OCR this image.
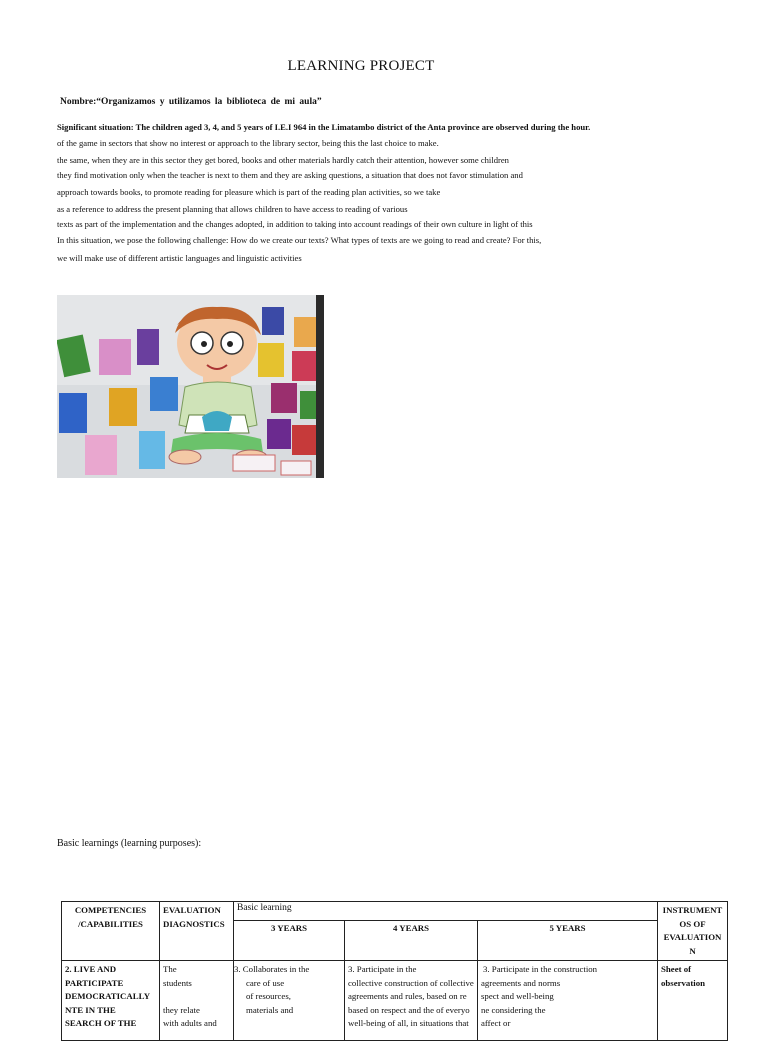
LEARNING PROJECT
Nombre:“Organizamos y utilizamos la biblioteca de mi aula”
Significant situation: The children aged 3, 4, and 5 years of I.E.I 964 in the Limatambo district of the Anta province are observed during the hour.
of the game in sectors that show no interest or approach to the library sector, being this the last choice to make.
the same, when they are in this sector they get bored, books and other materials hardly catch their attention, however some children
they find motivation only when the teacher is next to them and they are asking questions, a situation that does not favor stimulation and
approach towards books, to promote reading for pleasure which is part of the reading plan activities, so we take
as a reference to address the present planning that allows children to have access to reading of various
texts as part of the implementation and the changes adopted, in addition to taking into account readings of their own culture in light of this
In this situation, we pose the following challenge: How do we create our texts? What types of texts are we going to read and create? For this,
we will make use of different artistic languages and linguistic activities
Basic learnings (learning purposes):
COMPETENCIES
/CAPABILITIES	EVALUATION
DIAGNOSTICS	Basic learning			INSTRUMENT
OS OF
EVALUATION
N

		3 YEARS	4 YEARS	5 YEARS	

2. LIVE AND
PARTICIPATE
DEMOCRATICALLY
NTE IN THE
SEARCH OF THE	The
students

they relate
with adults and	3. Collaborates in the
care of use
of resources,
materials and	3. Participate in the
collective construction of collective
agreements and rules, based on re
based on respect and the of everyo
well-being of all, in situations that	3. Participate in the construction
agreements and norms
spect and well-being
ne considering the
affect or	Sheet of
observation
